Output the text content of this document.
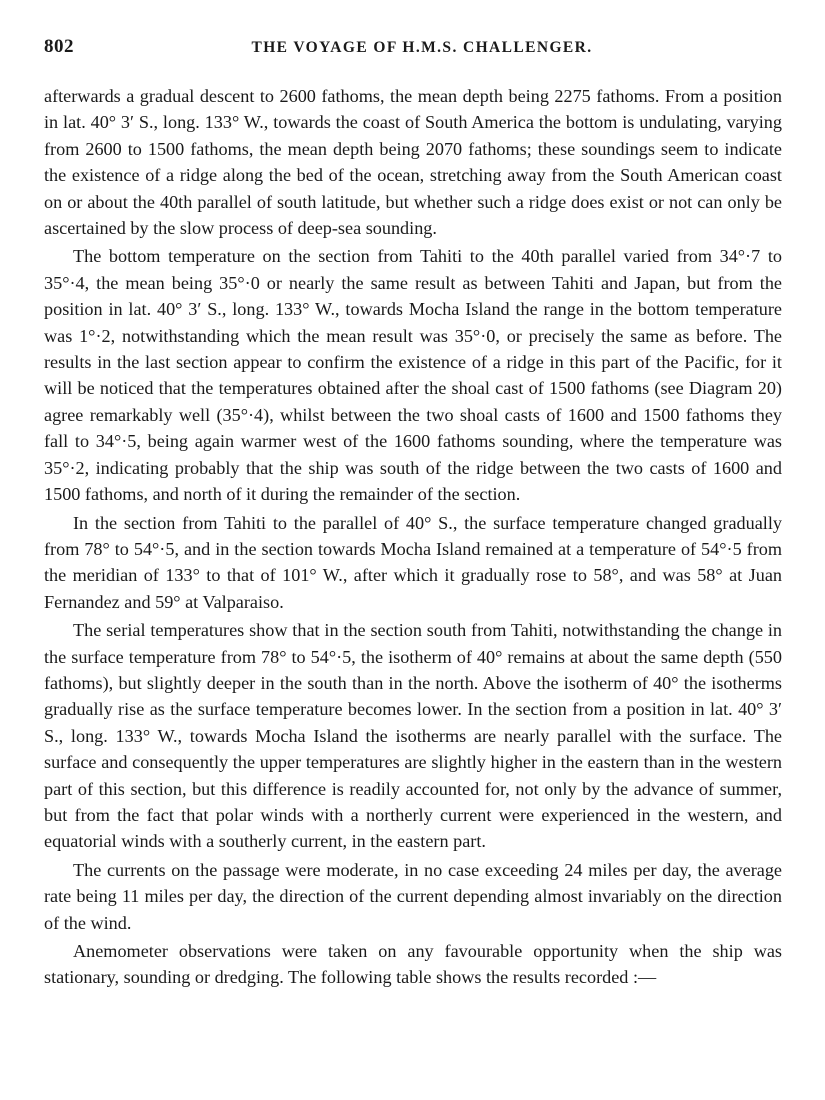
802	THE VOYAGE OF H.M.S. CHALLENGER.

afterwards a gradual descent to 2600 fathoms, the mean depth being 2275 fathoms. From a position in lat. 40° 3′ S., long. 133° W., towards the coast of South America the bottom is undulating, varying from 2600 to 1500 fathoms, the mean depth being 2070 fathoms; these soundings seem to indicate the existence of a ridge along the bed of the ocean, stretching away from the South American coast on or about the 40th parallel of south latitude, but whether such a ridge does exist or not can only be ascertained by the slow process of deep-sea sounding.

The bottom temperature on the section from Tahiti to the 40th parallel varied from 34°·7 to 35°·4, the mean being 35°·0 or nearly the same result as between Tahiti and Japan, but from the position in lat. 40° 3′ S., long. 133° W., towards Mocha Island the range in the bottom temperature was 1°·2, notwithstanding which the mean result was 35°·0, or precisely the same as before. The results in the last section appear to confirm the existence of a ridge in this part of the Pacific, for it will be noticed that the temperatures obtained after the shoal cast of 1500 fathoms (see Diagram 20) agree remarkably well (35°·4), whilst between the two shoal casts of 1600 and 1500 fathoms they fall to 34°·5, being again warmer west of the 1600 fathoms sounding, where the temperature was 35°·2, indicating probably that the ship was south of the ridge between the two casts of 1600 and 1500 fathoms, and north of it during the remainder of the section.

In the section from Tahiti to the parallel of 40° S., the surface temperature changed gradually from 78° to 54°·5, and in the section towards Mocha Island remained at a temperature of 54°·5 from the meridian of 133° to that of 101° W., after which it gradually rose to 58°, and was 58° at Juan Fernandez and 59° at Valparaiso.

The serial temperatures show that in the section south from Tahiti, notwithstanding the change in the surface temperature from 78° to 54°·5, the isotherm of 40° remains at about the same depth (550 fathoms), but slightly deeper in the south than in the north. Above the isotherm of 40° the isotherms gradually rise as the surface temperature becomes lower. In the section from a position in lat. 40° 3′ S., long. 133° W., towards Mocha Island the isotherms are nearly parallel with the surface. The surface and consequently the upper temperatures are slightly higher in the eastern than in the western part of this section, but this difference is readily accounted for, not only by the advance of summer, but from the fact that polar winds with a northerly current were experienced in the western, and equatorial winds with a southerly current, in the eastern part.

The currents on the passage were moderate, in no case exceeding 24 miles per day, the average rate being 11 miles per day, the direction of the current depending almost invariably on the direction of the wind.

Anemometer observations were taken on any favourable opportunity when the ship was stationary, sounding or dredging. The following table shows the results recorded :—
